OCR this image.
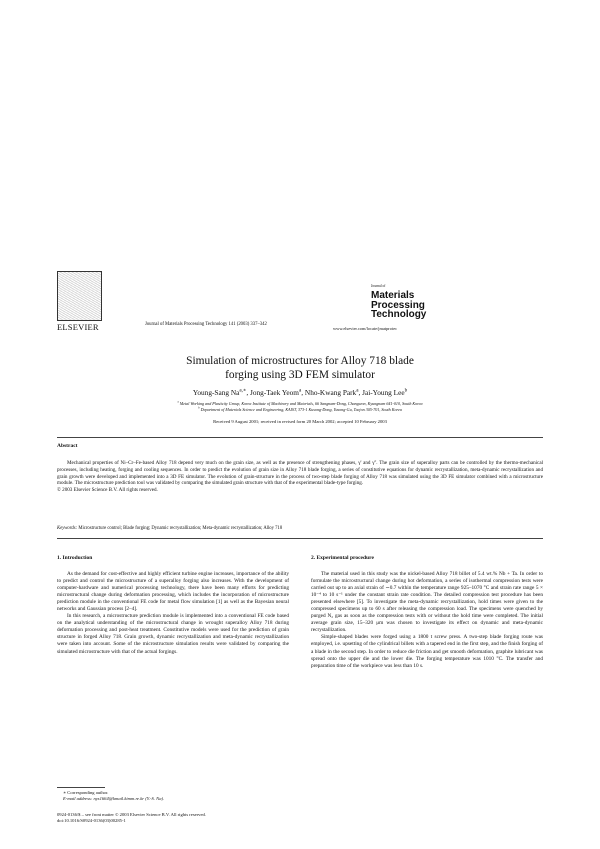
ELSEVIER	Journal of Materials Processing Technology 141 (2003) 337–342
Journal of
Materials
Processing
Technology
www.elsevier.com/locate/jmatprotec
Simulation of microstructures for Alloy 718 blade
forging using 3D FEM simulator
Young-Sang $Na^{a,∗}$, Jong-Taek Yeom$^a$, Nho-Kwang Park$^a$, Jai-Young Lee$^b$
$^a$ Metal Working and Plasticity Group, Korea Institute of Machinery and Materials, 66 Sangnam-Dong, Changwon, Kyungnam 641-010, South Korea
$^b$ Department of Materials Science and Engineering, KAIST, 373-1 Kusong-Dong, Yusong-Gu, Taejon 305-701, South Korea
Received 9 August 2001; received in revised form 20 March 2002; accepted 10 February 2003
Abstract

Mechanical properties of Ni–Cr–Fe-based Alloy 718 depend very much on the grain size, as well as the presence of strengthening phases, γ' and γ''. The grain size of superalloy parts can be controlled by the thermo-mechanical processes, including heating, forging and cooling sequences. In order to predict the evolution of grain size in Alloy 718 blade forging, a series of constitutive equations for dynamic recrystallization, meta-dynamic recrystallization and grain growth were developed and implemented into a 3D FE simulator. The evolution of grain-structure in the process of two-step blade forging of Alloy 718 was simulated using the 3D FE simulator combined with a microstructure module. The microstructure prediction tool was validated by comparing the simulated grain structure with that of the experimental blade-type forging.

© 2003 Elsevier Science B.V. All rights reserved.
Keywords: Microstructure control; Blade forging; Dynamic recrystallization; Meta-dynamic recrystallization; Alloy 718
1. Introduction

As the demand for cost-effective and highly efficient turbine engine increases, importance of the ability to predict and control the microstructure of a superalloy forging also increases. With the development of computer-hardware and numerical processing technology, there have been many efforts for predicting microstructural change during deformation processing, which includes the incorporation of microstructure prediction module in the conventional FE code for metal flow simulation [1] as well as the Bayesian neural networks and Gaussian process [2–4].

In this research, a microstructure prediction module is implemented into a conventional FE code based on the analytical understanding of the microstructural change in wrought superalloy Alloy 718 during deformation processing and post-heat treatment. Constitutive models were used for the prediction of grain structure in forged Alloy 718. Grain growth, dynamic recrystallization and meta-dynamic recrystallization were taken into account. Some of the microstructure simulation results were validated by comparing the simulated microstructure with that of the actual forgings.

∗ Corresponding author.
E-mail address: nys1664@kmail.kimm.re.kr (Y.-S. Na).
2. Experimental procedure

The material used in this study was the nickel-based Alloy 718 billet of 5.4 wt.% Nb + Ta. In order to formulate the microstructural change during hot deformation, a series of isothermal compression tests were carried out up to an axial strain of ∼0.7 within the temperature range 925–1070 °C and strain rate range 5 × 10⁻⁴ to 10 s⁻¹ under the constant strain rate condition. The detailed compression test procedure has been presented elsewhere [5]. To investigate the meta-dynamic recrystallization, hold times were given to the compressed specimens up to 60 s after releasing the compression load. The specimens were quenched by purged N₂ gas as soon as the compression tests with or without the hold time were completed. The initial average grain size, 15–320 μm was chosen to investigate its effect on dynamic and meta-dynamic recrystallization.

Simple-shaped blades were forged using a 1800 t screw press. A two-step blade forging route was employed, i.e. upsetting of the cylindrical billets with a tapered end in the first step, and the finish forging of a blade in the second step. In order to reduce die friction and get smooth deformation, graphite lubricant was spread onto the upper die and the lower die. The forging temperature was 1010 °C. The transfer and preparation time of the workpiece was less than 10 s.

0924-0136/$ – see front matter © 2003 Elsevier Science B.V. All rights reserved.
doi:10.1016/S0924-0136(03)00285-1
